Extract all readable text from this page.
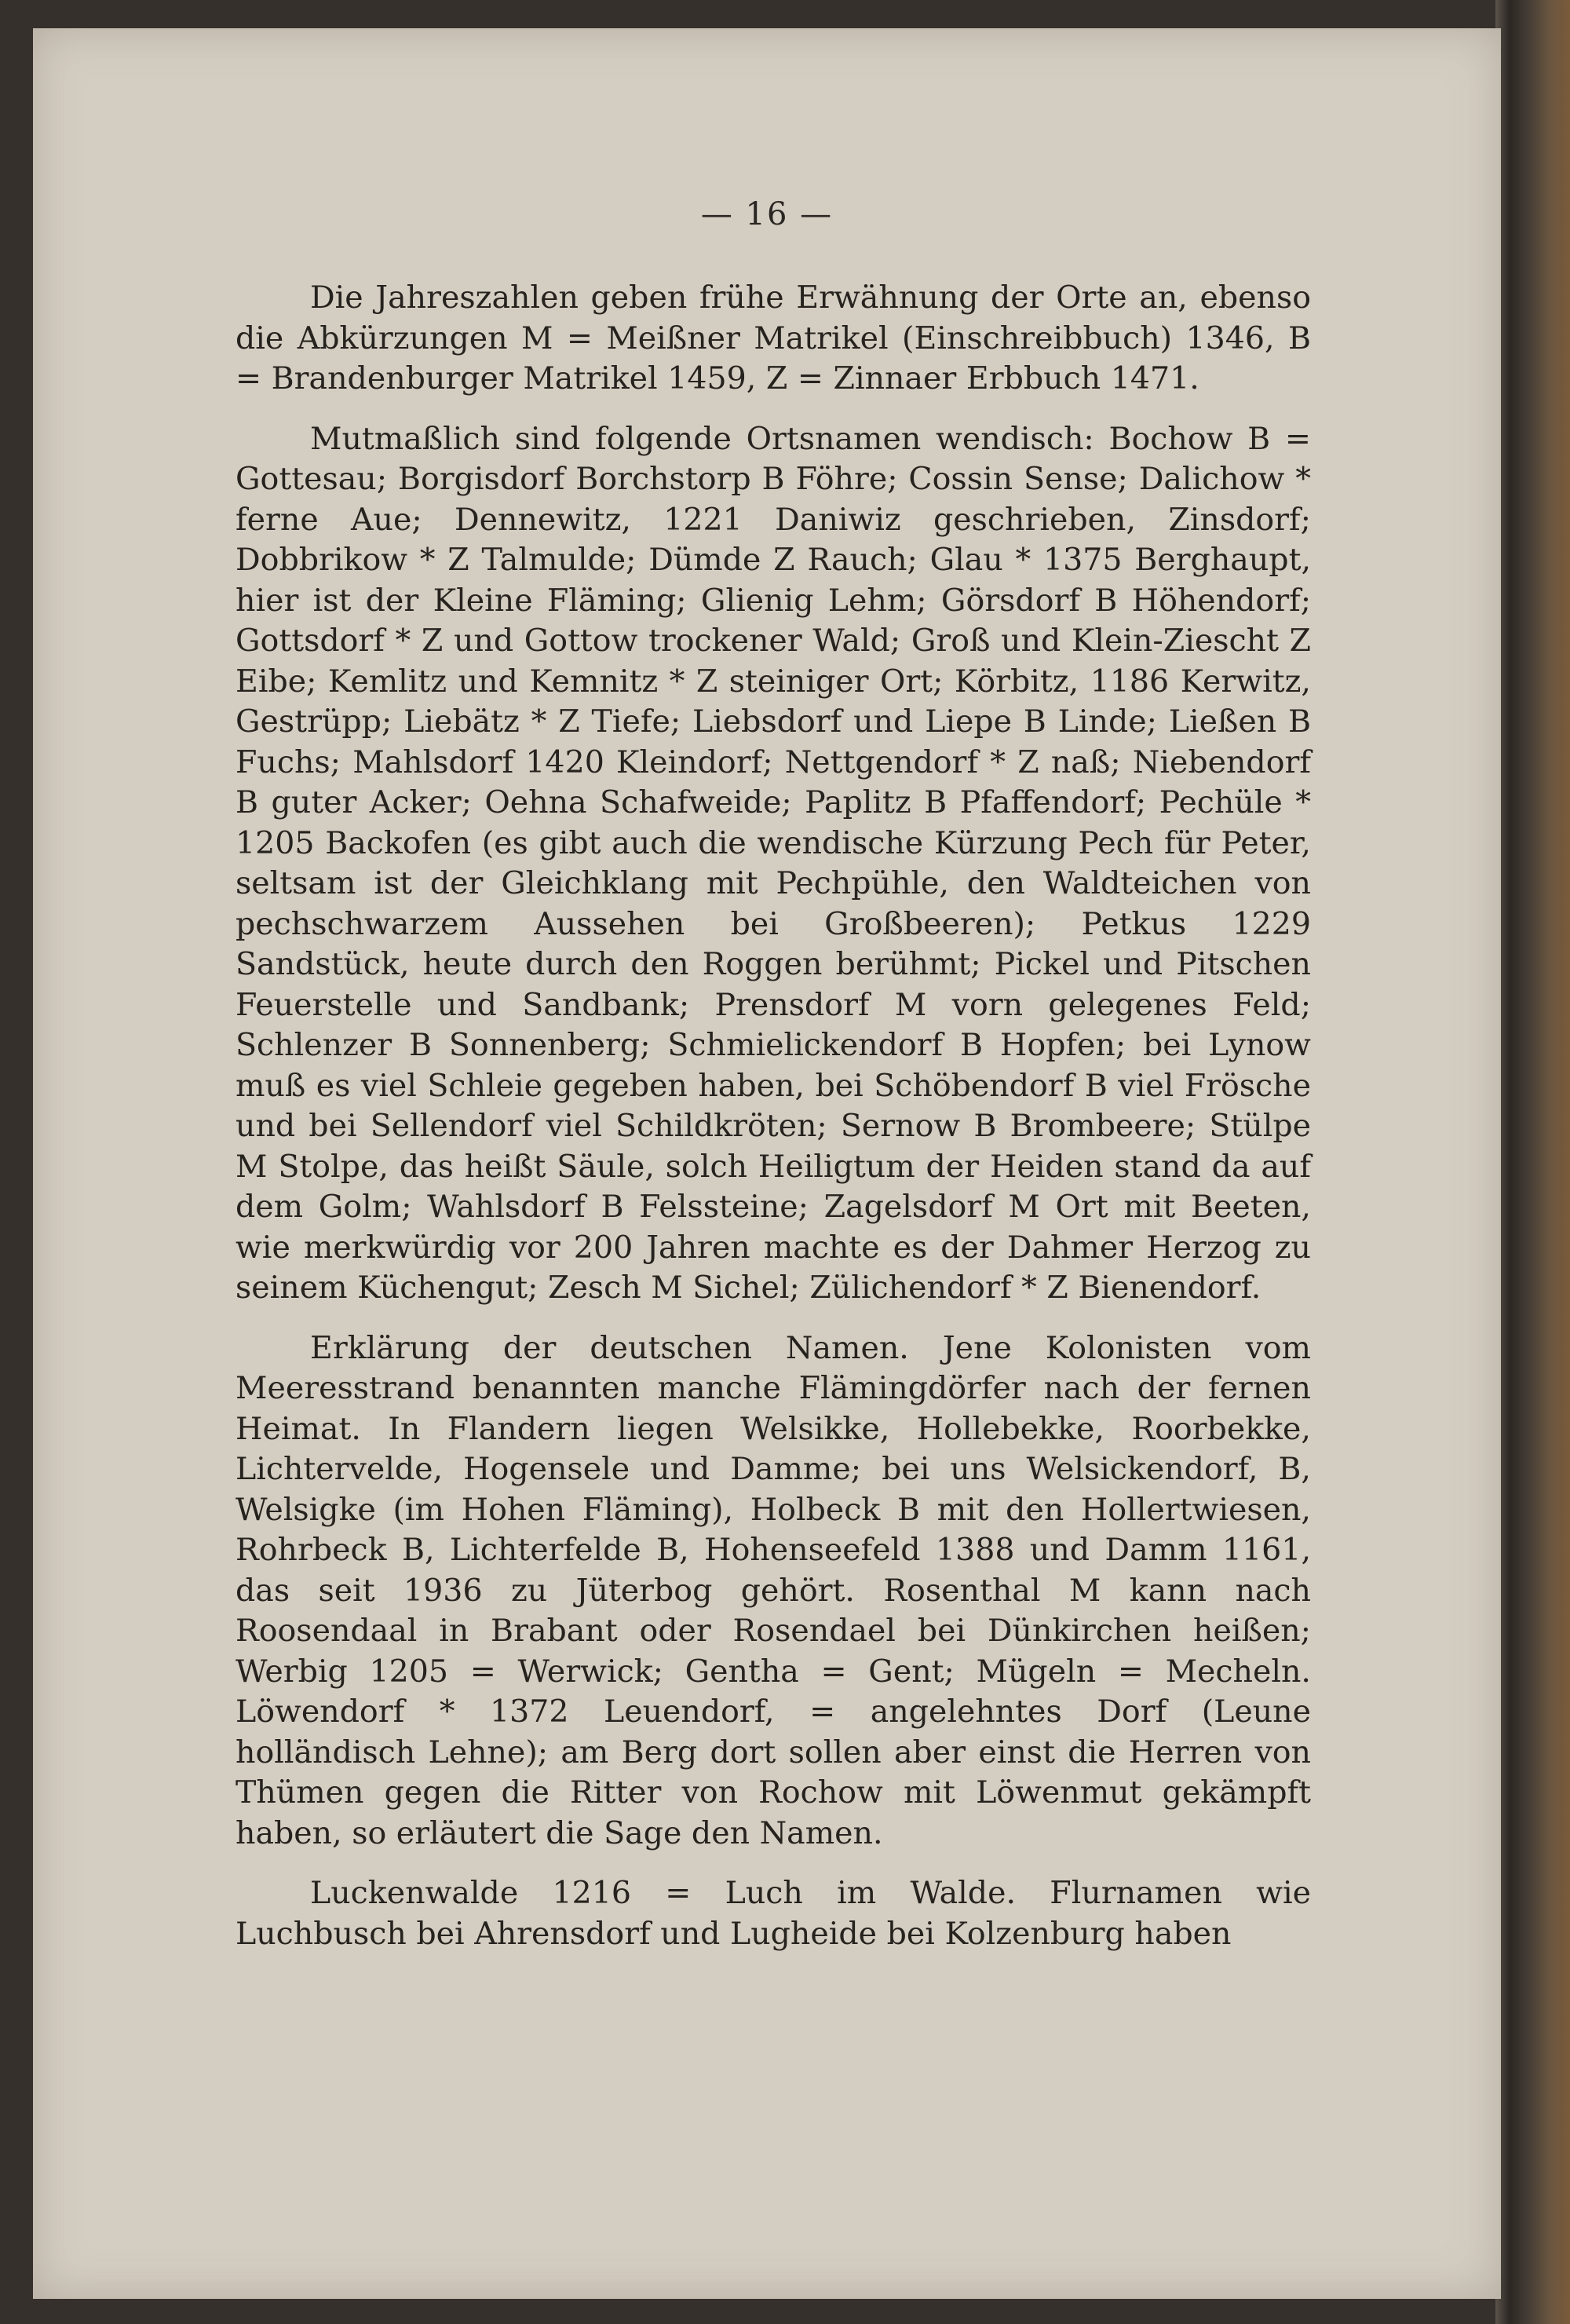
— 16 —

Die Jahreszahlen geben frühe Erwähnung der Orte an, ebenso die Abkürzungen M = Meißner Matrikel (Einschreibbuch) 1346, B = Brandenburger Matrikel 1459, Z = Zinnaer Erbbuch 1471.

Mutmaßlich sind folgende Ortsnamen wendisch: Bochow B = Gottesau; Borgisdorf Borchstorp B Föhre; Cossin Sense; Dalichow * ferne Aue; Dennewitz, 1221 Daniwiz geschrieben, Zinsdorf; Dobbrikow * Z Talmulde; Dümde Z Rauch; Glau * 1375 Berghaupt, hier ist der Kleine Fläming; Glienig Lehm; Görsdorf B Höhendorf; Gottsdorf * Z und Gottow trockener Wald; Groß und Klein-Ziescht Z Eibe; Kemlitz und Kemnitz * Z steiniger Ort; Körbitz, 1186 Kerwitz, Gestrüpp; Liebätz * Z Tiefe; Liebsdorf und Liepe B Linde; Ließen B Fuchs; Mahlsdorf 1420 Kleindorf; Nettgendorf * Z naß; Niebendorf B guter Acker; Oehna Schafweide; Paplitz B Pfaffendorf; Pechüle * 1205 Backofen (es gibt auch die wendische Kürzung Pech für Peter, seltsam ist der Gleichklang mit Pechpühle, den Waldteichen von pechschwarzem Aussehen bei Großbeeren); Petkus 1229 Sandstück, heute durch den Roggen berühmt; Pickel und Pitschen Feuerstelle und Sandbank; Prensdorf M vorn gelegenes Feld; Schlenzer B Sonnenberg; Schmielickendorf B Hopfen; bei Lynow muß es viel Schleie gegeben haben, bei Schöbendorf B viel Frösche und bei Sellendorf viel Schildkröten; Sernow B Brombeere; Stülpe M Stolpe, das heißt Säule, solch Heiligtum der Heiden stand da auf dem Golm; Wahlsdorf B Felssteine; Zagelsdorf M Ort mit Beeten, wie merkwürdig vor 200 Jahren machte es der Dahmer Herzog zu seinem Küchengut; Zesch M Sichel; Zülichendorf * Z Bienendorf.

Erklärung der deutschen Namen. Jene Kolonisten vom Meeresstrand benannten manche Flämingdörfer nach der fernen Heimat. In Flandern liegen Welsikke, Hollebekke, Roorbekke, Lichtervelde, Hogensele und Damme; bei uns Welsickendorf, B, Welsigke (im Hohen Fläming), Holbeck B mit den Hollertwiesen, Rohrbeck B, Lichterfelde B, Hohenseefeld 1388 und Damm 1161, das seit 1936 zu Jüterbog gehört. Rosenthal M kann nach Roosendaal in Brabant oder Rosendael bei Dünkirchen heißen; Werbig 1205 = Werwick; Gentha = Gent; Mügeln = Mecheln. Löwendorf * 1372 Leuendorf, = angelehntes Dorf (Leune holländisch Lehne); am Berg dort sollen aber einst die Herren von Thümen gegen die Ritter von Rochow mit Löwenmut gekämpft haben, so erläutert die Sage den Namen.

Luckenwalde 1216 = Luch im Walde. Flurnamen wie Luchbusch bei Ahrensdorf und Lugheide bei Kolzenburg haben
